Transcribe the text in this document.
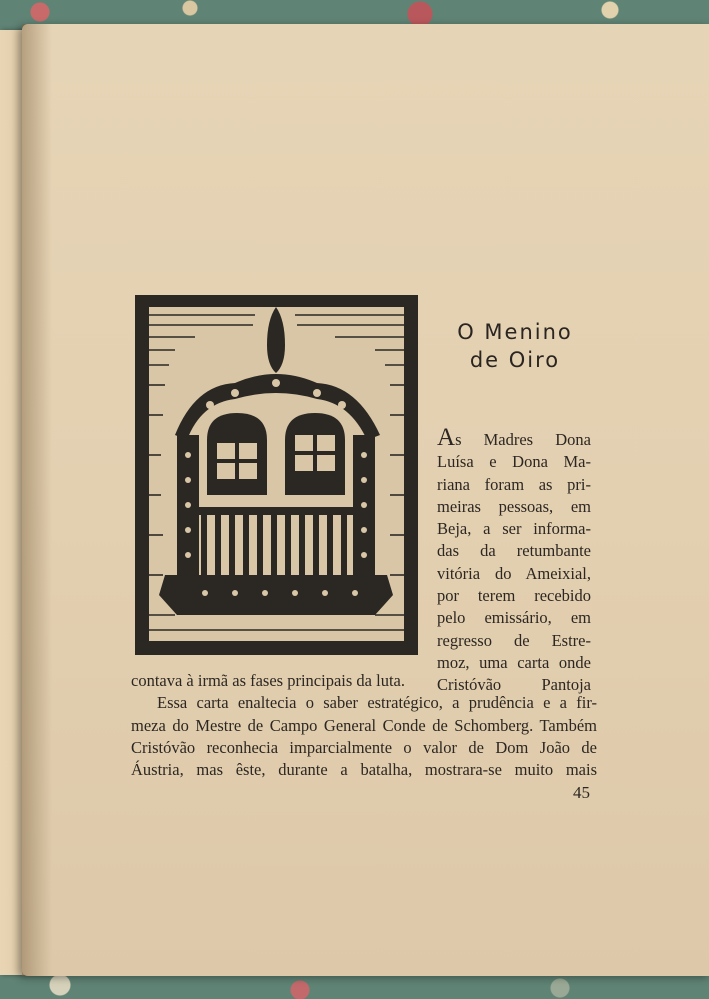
O Menino
de Oiro
As Madres Dona
Luísa e Dona Ma-
riana foram as pri-
meiras pessoas, em
Beja, a ser informa-
das da retumbante
vitória do Ameixial,
por terem recebido
pelo emissário, em
regresso de Estre-
moz, uma carta onde
Cristóvão Pantoja
contava à irmã as fases principais da luta.
Essa carta enaltecia o saber estratégico, a prudência e a fir-
meza do Mestre de Campo General Conde de Schomberg. Também
Cristóvão reconhecia imparcialmente o valor de Dom João de
Áustria, mas êste, durante a batalha, mostrara-se muito mais
45
